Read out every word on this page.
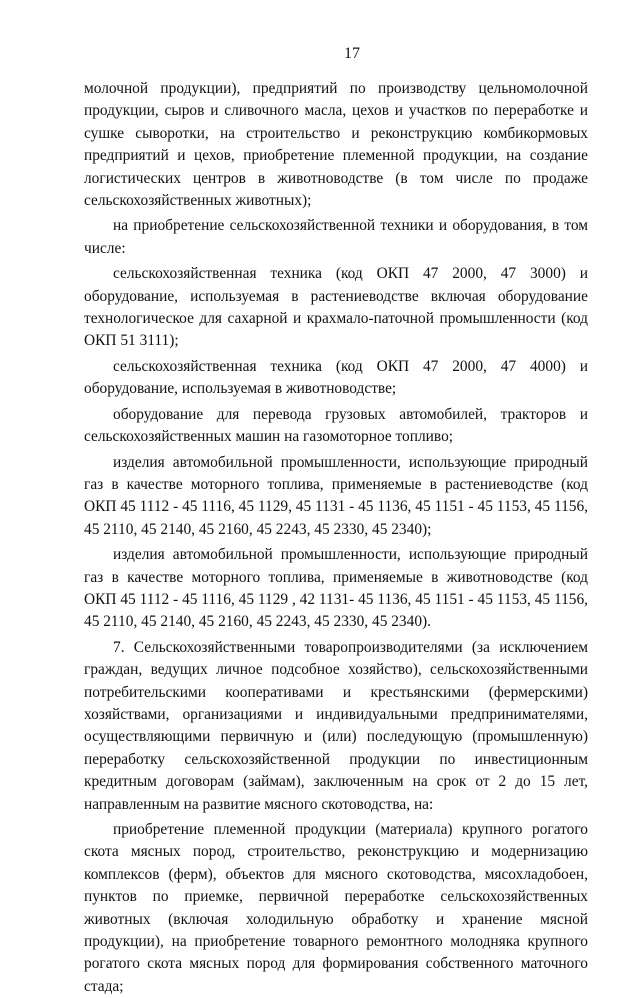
17

молочной продукции), предприятий по производству цельномолочной продукции, сыров и сливочного масла, цехов и участков по переработке и сушке сыворотки, на строительство и реконструкцию комбикормовых предприятий и цехов, приобретение племенной продукции, на создание логистических центров в животноводстве (в том числе по продаже сельскохозяйственных животных);

на приобретение сельскохозяйственной техники и оборудования, в том числе:

сельскохозяйственная техника (код ОКП 47 2000, 47 3000) и оборудование, используемая в растениеводстве включая оборудование технологическое для сахарной и крахмало-паточной промышленности (код ОКП 51 3111);

сельскохозяйственная техника (код ОКП 47 2000, 47 4000) и оборудование, используемая в животноводстве;

оборудование для перевода грузовых автомобилей, тракторов и сельскохозяйственных машин на газомоторное топливо;

изделия автомобильной промышленности, использующие природный газ в качестве моторного топлива, применяемые в растениеводстве (код ОКП 45 1112 - 45 1116, 45 1129, 45 1131 - 45 1136, 45 1151 - 45 1153, 45 1156, 45 2110, 45 2140, 45 2160, 45 2243, 45 2330, 45 2340);

изделия автомобильной промышленности, использующие природный газ в качестве моторного топлива, применяемые в животноводстве (код ОКП 45 1112 - 45 1116, 45 1129 , 42 1131- 45 1136, 45 1151 - 45 1153, 45 1156, 45 2110, 45 2140, 45 2160, 45 2243, 45 2330, 45 2340).

7. Сельскохозяйственными товаропроизводителями (за исключением граждан, ведущих личное подсобное хозяйство), сельскохозяйственными потребительскими кооперативами и крестьянскими (фермерскими) хозяйствами, организациями и индивидуальными предпринимателями, осуществляющими первичную и (или) последующую (промышленную) переработку сельскохозяйственной продукции по инвестиционным кредитным договорам (займам), заключенным на срок от 2 до 15 лет, направленным на развитие мясного скотоводства, на:

приобретение племенной продукции (материала) крупного рогатого скота мясных пород, строительство, реконструкцию и модернизацию комплексов (ферм), объектов для мясного скотоводства, мясохладобоен, пунктов по приемке, первичной переработке сельскохозяйственных животных (включая холодильную обработку и хранение мясной продукции), на приобретение товарного ремонтного молодняка крупного рогатого скота мясных пород для формирования собственного маточного стада;
